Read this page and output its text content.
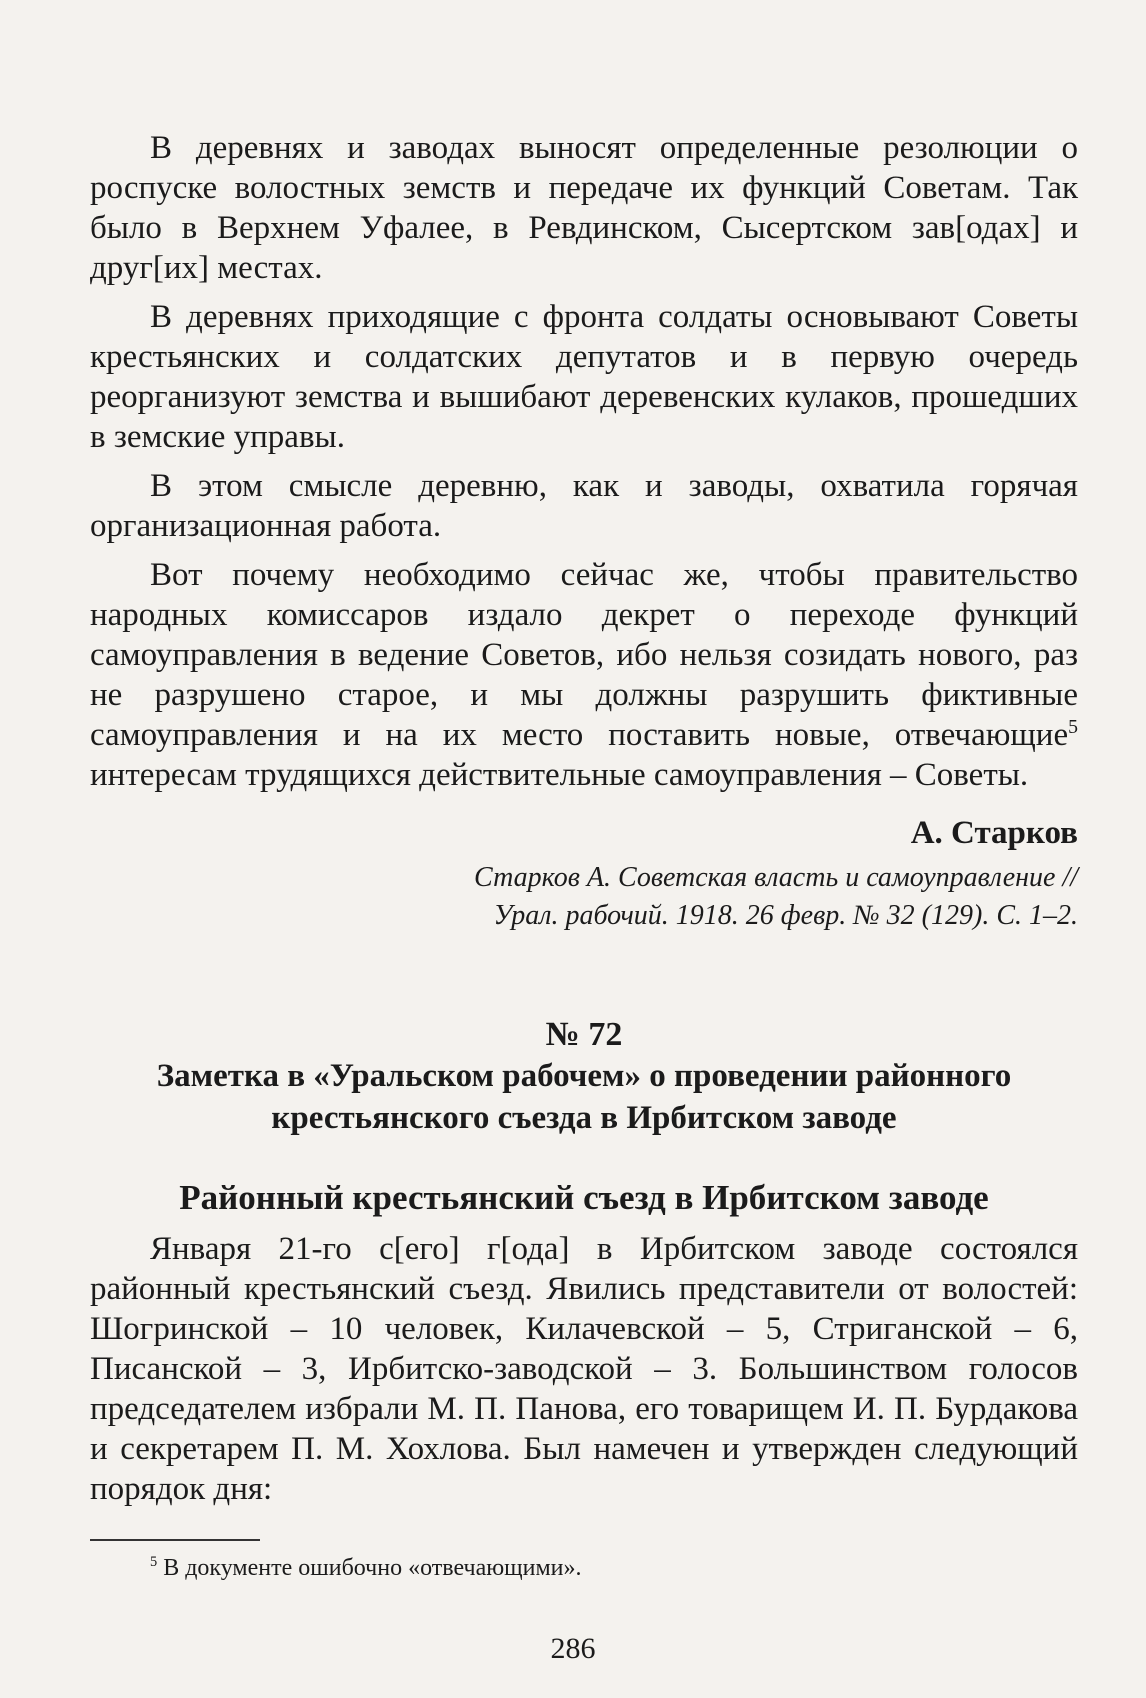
В деревнях и заводах выносят определенные резолюции о роспуске волостных земств и передаче их функций Советам. Так было в Верхнем Уфалее, в Ревдинском, Сысертском зав[одах] и друг[их] местах.

В деревнях приходящие с фронта солдаты основывают Советы крестьянских и солдатских депутатов и в первую очередь реорганизуют земства и вышибают деревенских кулаков, прошедших в земские управы.

В этом смысле деревню, как и заводы, охватила горячая организационная работа.

Вот почему необходимо сейчас же, чтобы правительство народных комиссаров издало декрет о переходе функций самоуправления в ведение Советов, ибо нельзя созидать нового, раз не разрушено старое, и мы должны разрушить фиктивные самоуправления и на их место поставить новые, отвечающие$^5$ интересам трудящихся действительные самоуправления – Советы.

А. Старков
Старков А. Советская власть и самоуправление //
Урал. рабочий. 1918. 26 февр. № 32 (129). С. 1–2.
№ 72
Заметка в «Уральском рабочем» о проведении районного крестьянского съезда в Ирбитском заводе
Районный крестьянский съезд в Ирбитском заводе

Января 21-го с[его] г[ода] в Ирбитском заводе состоялся районный крестьянский съезд. Явились представители от волостей: Шогринской – 10 человек, Килачевской – 5, Стриганской – 6, Писанской – 3, Ирбитско-заводской – 3. Большинством голосов председателем избрали М. П. Панова, его товарищем И. П. Бурдакова и секретарем П. М. Хохлова. Был намечен и утвержден следующий порядок дня:

$^5$ В документе ошибочно «отвечающими».
286
